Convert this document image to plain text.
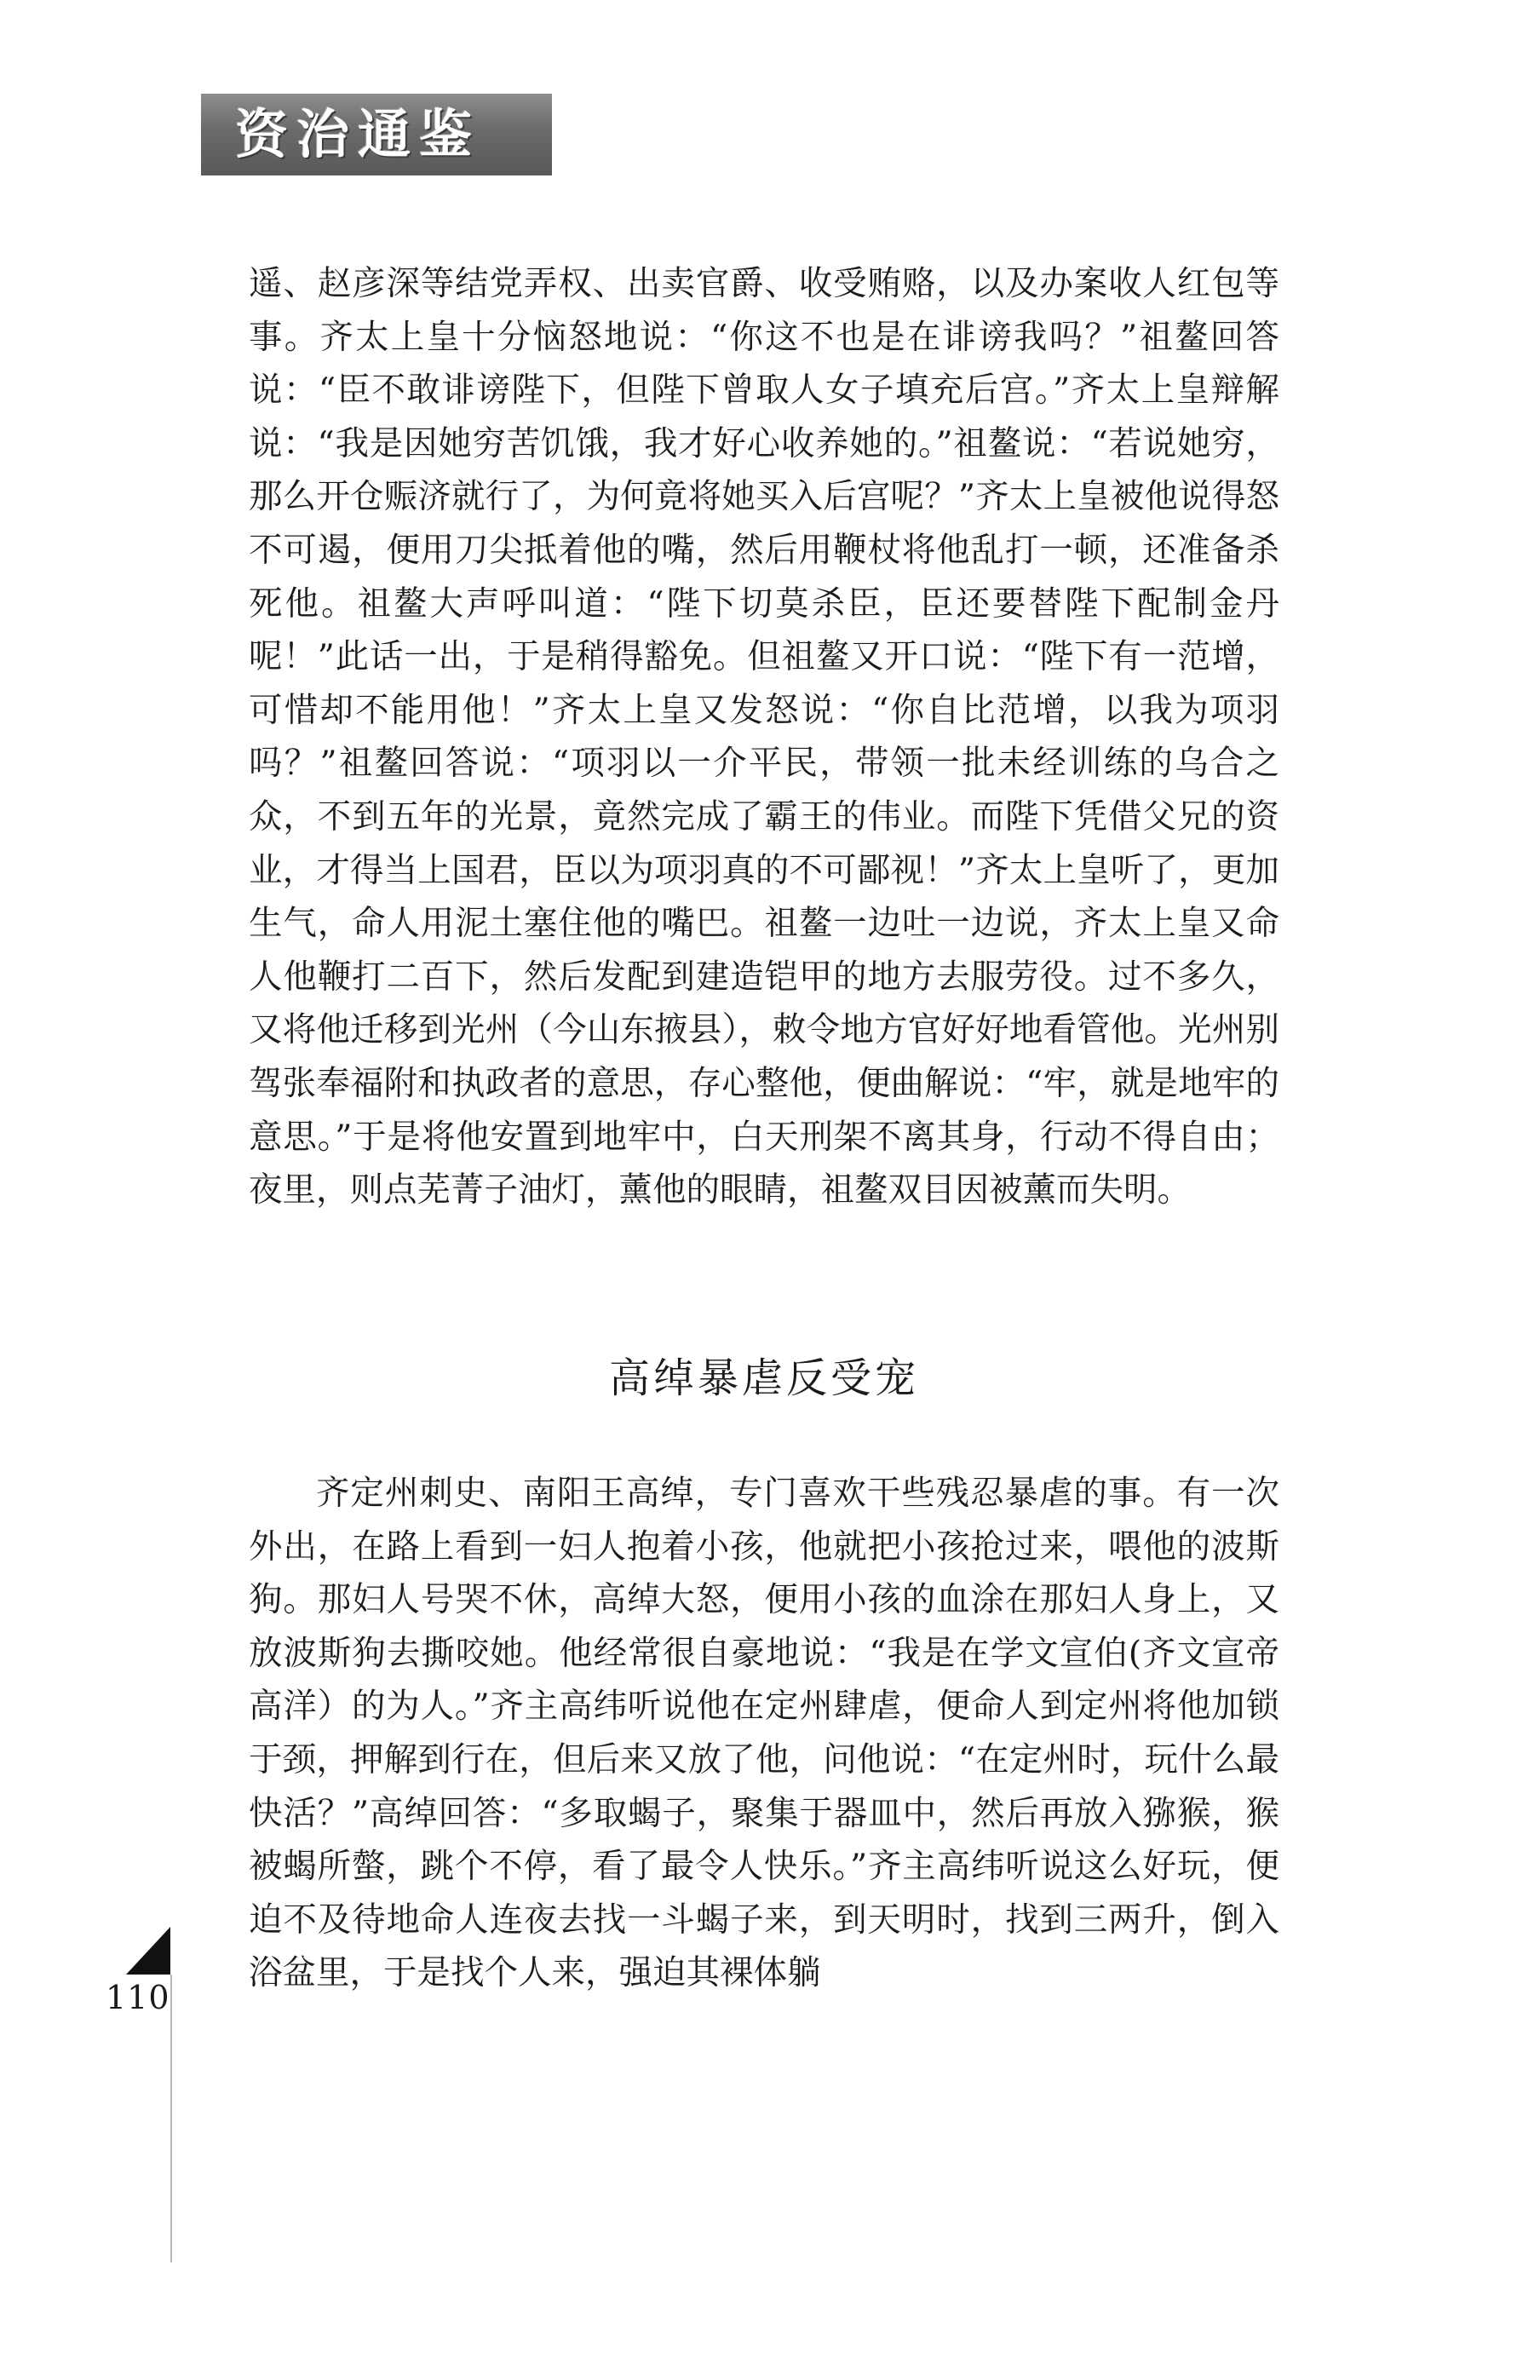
资治通鉴

遥、赵彦深等结党弄权、出卖官爵、收受贿赂，以及办案收人红包等事。齐太上皇十分恼怒地说：“你这不也是在诽谤我吗？”祖鳌回答说：“臣不敢诽谤陛下，但陛下曾取人女子填充后宫。”齐太上皇辩解说：“我是因她穷苦饥饿，我才好心收养她的。”祖鳌说：“若说她穷，那么开仓赈济就行了，为何竟将她买入后宫呢？”齐太上皇被他说得怒不可遏，便用刀尖抵着他的嘴，然后用鞭杖将他乱打一顿，还准备杀死他。祖鳌大声呼叫道：“陛下切莫杀臣，臣还要替陛下配制金丹呢！”此话一出，于是稍得豁免。但祖鳌又开口说：“陛下有一范增，可惜却不能用他！”齐太上皇又发怒说：“你自比范增，以我为项羽吗？”祖鳌回答说：“项羽以一介平民，带领一批未经训练的乌合之众，不到五年的光景，竟然完成了霸王的伟业。而陛下凭借父兄的资业，才得当上国君，臣以为项羽真的不可鄙视！”齐太上皇听了，更加生气，命人用泥土塞住他的嘴巴。祖鳌一边吐一边说，齐太上皇又命人他鞭打二百下，然后发配到建造铠甲的地方去服劳役。过不多久，又将他迁移到光州（今山东掖县），敕令地方官好好地看管他。光州别驾张奉福附和执政者的意思，存心整他，便曲解说：“牢，就是地牢的意思。”于是将他安置到地牢中，白天刑架不离其身，行动不得自由；夜里，则点芜菁子油灯，薰他的眼睛，祖鳌双目因被薰而失明。

高绰暴虐反受宠

齐定州刺史、南阳王高绰，专门喜欢干些残忍暴虐的事。有一次外出，在路上看到一妇人抱着小孩，他就把小孩抢过来，喂他的波斯狗。那妇人号哭不休，高绰大怒，便用小孩的血涂在那妇人身上，又放波斯狗去撕咬她。他经常很自豪地说：“我是在学文宣伯(齐文宣帝高洋）的为人。”齐主高纬听说他在定州肆虐，便命人到定州将他加锁于颈，押解到行在，但后来又放了他，问他说：“在定州时，玩什么最快活？”高绰回答：“多取蝎子，聚集于器皿中，然后再放入猕猴，猴被蝎所螫，跳个不停，看了最令人快乐。”齐主高纬听说这么好玩，便迫不及待地命人连夜去找一斗蝎子来，到天明时，找到三两升，倒入浴盆里，于是找个人来，强迫其裸体躺

110
